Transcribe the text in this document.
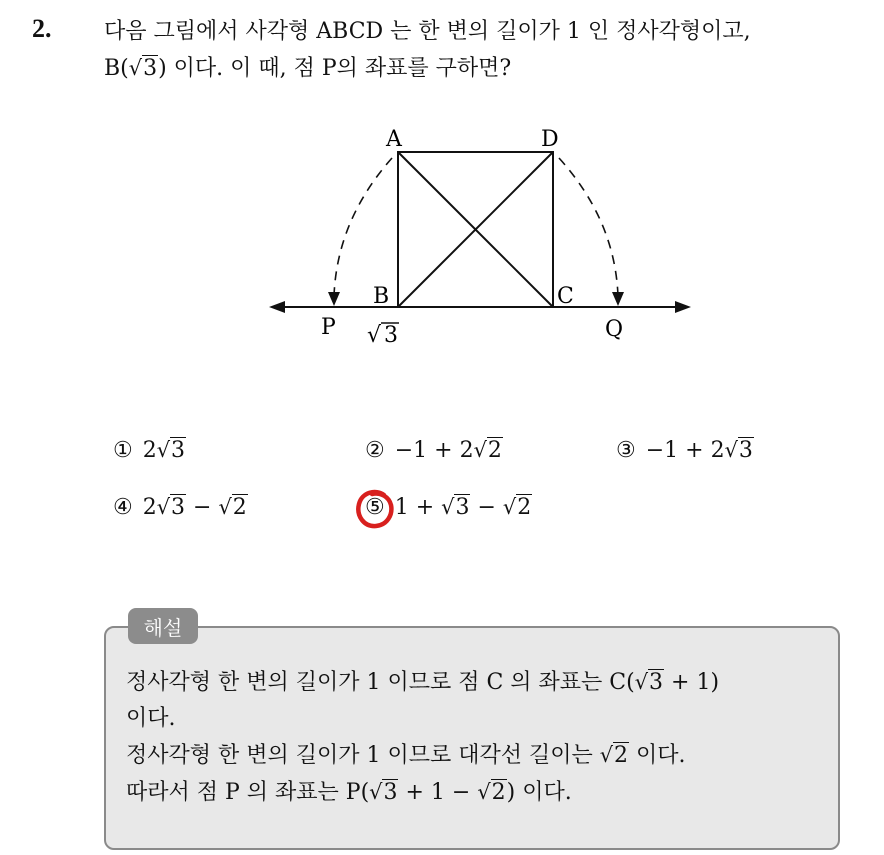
2. 다음 그림에서 사각형 ABCD 는 한 변의 길이가 1 인 정사각형이고,
B(√3) 이다. 이 때, 점 P의 좌표를 구하면?
A	D
B	C
P	Q
√ 3
① 2√3	② −1 + 2√2	③ −1 + 2√3
④ 2√3 − √2	⑤ 1 + √3 − √2
해설
정사각형 한 변의 길이가 1 이므로 점 C 의 좌표는 C(√3 + 1)
이다.
정사각형 한 변의 길이가 1 이므로 대각선 길이는 √2 이다.
따라서 점 P 의 좌표는 P(√3 + 1 − √2) 이다.
